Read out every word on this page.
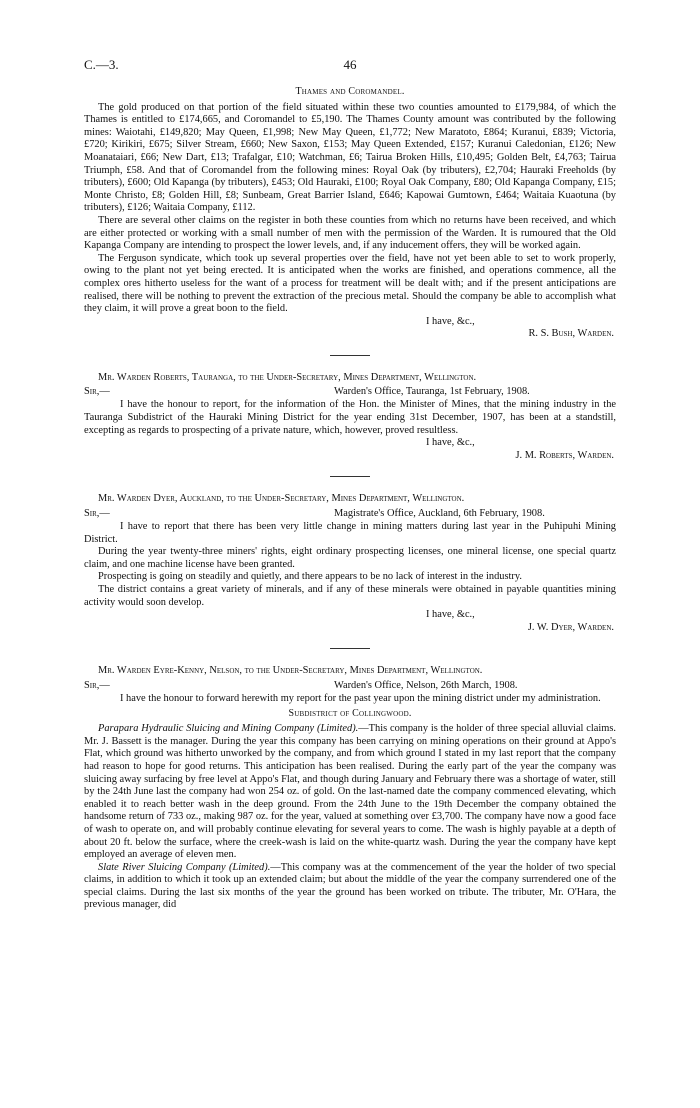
C.—3.	46
Thames and Coromandel.

The gold produced on that portion of the field situated within these two counties amounted to £179,984, of which the Thames is entitled to £174,665, and Coromandel to £5,190. The Thames County amount was contributed by the following mines: Waiotahi, £149,820; May Queen, £1,998; New May Queen, £1,772; New Maratoto, £864; Kuranui, £839; Victoria, £720; Kirikiri, £675; Silver Stream, £660; New Saxon, £153; May Queen Extended, £157; Kuranui Caledonian, £126; New Moanataiari, £66; New Dart, £13; Trafalgar, £10; Watchman, £6; Tairua Broken Hills, £10,495; Golden Belt, £4,763; Tairua Triumph, £58. And that of Coromandel from the following mines: Royal Oak (by tributers), £2,704; Hauraki Freeholds (by tributers), £600; Old Kapanga (by tributers), £453; Old Hauraki, £100; Royal Oak Company, £80; Old Kapanga Company, £15; Monte Christo, £8; Golden Hill, £8; Sunbeam, Great Barrier Island, £646; Kapowai Gumtown, £464; Waitaia Kuaotuna (by tributers), £126; Waitaia Company, £112.

There are several other claims on the register in both these counties from which no returns have been received, and which are either protected or working with a small number of men with the permission of the Warden. It is rumoured that the Old Kapanga Company are intending to prospect the lower levels, and, if any inducement offers, they will be worked again.

The Ferguson syndicate, which took up several properties over the field, have not yet been able to set to work properly, owing to the plant not yet being erected. It is anticipated when the works are finished, and operations commence, all the complex ores hitherto useless for the want of a process for treatment will be dealt with; and if the present anticipations are realised, there will be nothing to prevent the extraction of the precious metal. Should the company be able to accomplish what they claim, it will prove a great boon to the field.

I have, &c.,
R. S. Bush, Warden.
Mr. Warden Roberts, Tauranga, to the Under-Secretary, Mines Department, Wellington.
Sir,—	Warden's Office, Tauranga, 1st February, 1908.

I have the honour to report, for the information of the Hon. the Minister of Mines, that the mining industry in the Tauranga Subdistrict of the Hauraki Mining District for the year ending 31st December, 1907, has been at a standstill, excepting as regards to prospecting of a private nature, which, however, proved resultless.

I have, &c.,
J. M. Roberts, Warden.
Mr. Warden Dyer, Auckland, to the Under-Secretary, Mines Department, Wellington.
Sir,—	Magistrate's Office, Auckland, 6th February, 1908.

I have to report that there has been very little change in mining matters during last year in the Puhipuhi Mining District.

During the year twenty-three miners' rights, eight ordinary prospecting licenses, one mineral license, one special quartz claim, and one machine license have been granted.

Prospecting is going on steadily and quietly, and there appears to be no lack of interest in the industry.

The district contains a great variety of minerals, and if any of these minerals were obtained in payable quantities mining activity would soon develop.

I have, &c.,
J. W. Dyer, Warden.
Mr. Warden Eyre-Kenny, Nelson, to the Under-Secretary, Mines Department, Wellington.
Sir,—	Warden's Office, Nelson, 26th March, 1908.

I have the honour to forward herewith my report for the past year upon the mining district under my administration.

Subdistrict of Collingwood.

Parapara Hydraulic Sluicing and Mining Company (Limited).—This company is the holder of three special alluvial claims. Mr. J. Bassett is the manager. During the year this company has been carrying on mining operations on their ground at Appo's Flat, which ground was hitherto unworked by the company, and from which ground I stated in my last report that the company had reason to hope for good returns. This anticipation has been realised. During the early part of the year the company was sluicing away surfacing by free level at Appo's Flat, and though during January and February there was a shortage of water, still by the 24th June last the company had won 254 oz. of gold. On the last-named date the company commenced elevating, which enabled it to reach better wash in the deep ground. From the 24th June to the 19th December the company obtained the handsome return of 733 oz., making 987 oz. for the year, valued at something over £3,700. The company have now a good face of wash to operate on, and will probably continue elevating for several years to come. The wash is highly payable at a depth of about 20 ft. below the surface, where the creek-wash is laid on the white-quartz wash. During the year the company have kept employed an average of eleven men.

Slate River Sluicing Company (Limited).—This company was at the commencement of the year the holder of two special claims, in addition to which it took up an extended claim; but about the middle of the year the company surrendered one of the special claims. During the last six months of the year the ground has been worked on tribute. The tributer, Mr. O'Hara, the previous manager, did
